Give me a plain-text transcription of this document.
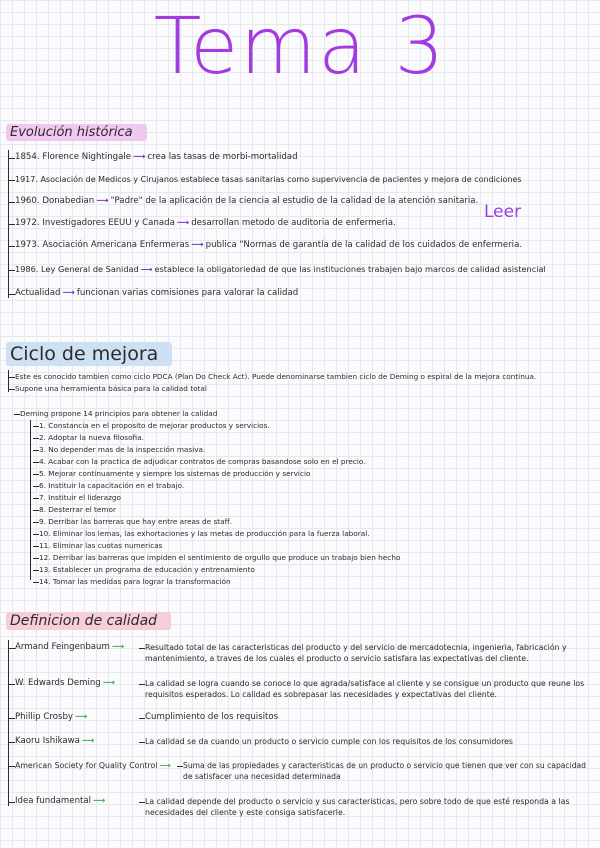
Tema 3
Evolución histórica
1854. Florence Nightingale ⟶ crea las tasas de morbi-mortalidad
1917. Asociación de Medicos y Cirujanos establece tasas sanitarias como supervivencia de pacientes y mejora de condiciones
1960. Donabedian ⟶ "Padre" de la aplicación de la ciencia al estudio de la calidad de la atención sanitaria.
1972. Investigadores EEUU y Canada ⟶ desarrollan metodo de auditoria de enfermeria.
1973. Asociación Americana Enfermeras ⟶ publica "Normas de garantía de la calidad de los cuidados de enfermeria.
1986. Ley General de Sanidad ⟶ establece la obligatoriedad de que las instituciones trabajen bajo marcos de calidad asistencial
Actualidad ⟶ funcionan varias comisiones para valorar la calidad
Leer
Ciclo de mejora
Este es conocido tambien como ciclo PDCA (Plan Do Check Act). Puede denominarse tambien ciclo de Deming o espiral de la mejora continua.
Supone una herramienta básica para la calidad total
Deming propone 14 principios para obtener la calidad
1. Constancia en el proposito de mejorar productos y servicios.
2. Adoptar la nueva filosofia.
3. No depender mas de la inspección masiva.
4. Acabar con la practica de adjudicar contratos de compras basandose solo en el precio.
5. Mejorar continuamente y siempre los sistemas de producción y servicio
6. Instituir la capacitación en el trabajo.
7. Instituir el liderazgo
8. Desterrar el temor
9. Derribar las barreras que hay entre areas de staff.
10. Eliminar los lemas, las exhortaciones y las metas de producción para la fuerza laboral.
11. Eliminar las cuotas numericas
12. Derribar las barreras que impiden el sentimiento de orgullo que produce un trabajo bien hecho
13. Establecer un programa de educación y entrenamiento
14. Tomar las medidas para lograr la transformación
Definicion de calidad
Armand Feingenbaum ⟶	Resultado total de las caracteristicas del producto y del servicio de mercadotecnia, ingenieria, fabricación y mantenimiento, a traves de los cuales el producto o servicio satisfara las expectativas del cliente.
W. Edwards Deming ⟶	La calidad se logra cuando se conoce lo que agrada/satisface al cliente y se consigue un producto que reune los requisitos esperados. Lo calidad es sobrepasar las necesidades y expectativas del cliente.
Phillip Crosby ⟶	Cumplimiento de los requisitos
Kaoru Ishikawa ⟶	La calidad se da cuando un producto o servicio cumple con los requisitos de los consumidores
American Society for Quality Control ⟶ Suma de las propiedades y caracteristicas de un producto o servicio que tienen que ver con su capacidad de satisfacer una necesidad determinada
Idea fundamental ⟶	La calidad depende del producto o servicio y sus caracteristicas, pero sobre todo de que esté responda a las necesidades del cliente y este consiga satisfacerle.
